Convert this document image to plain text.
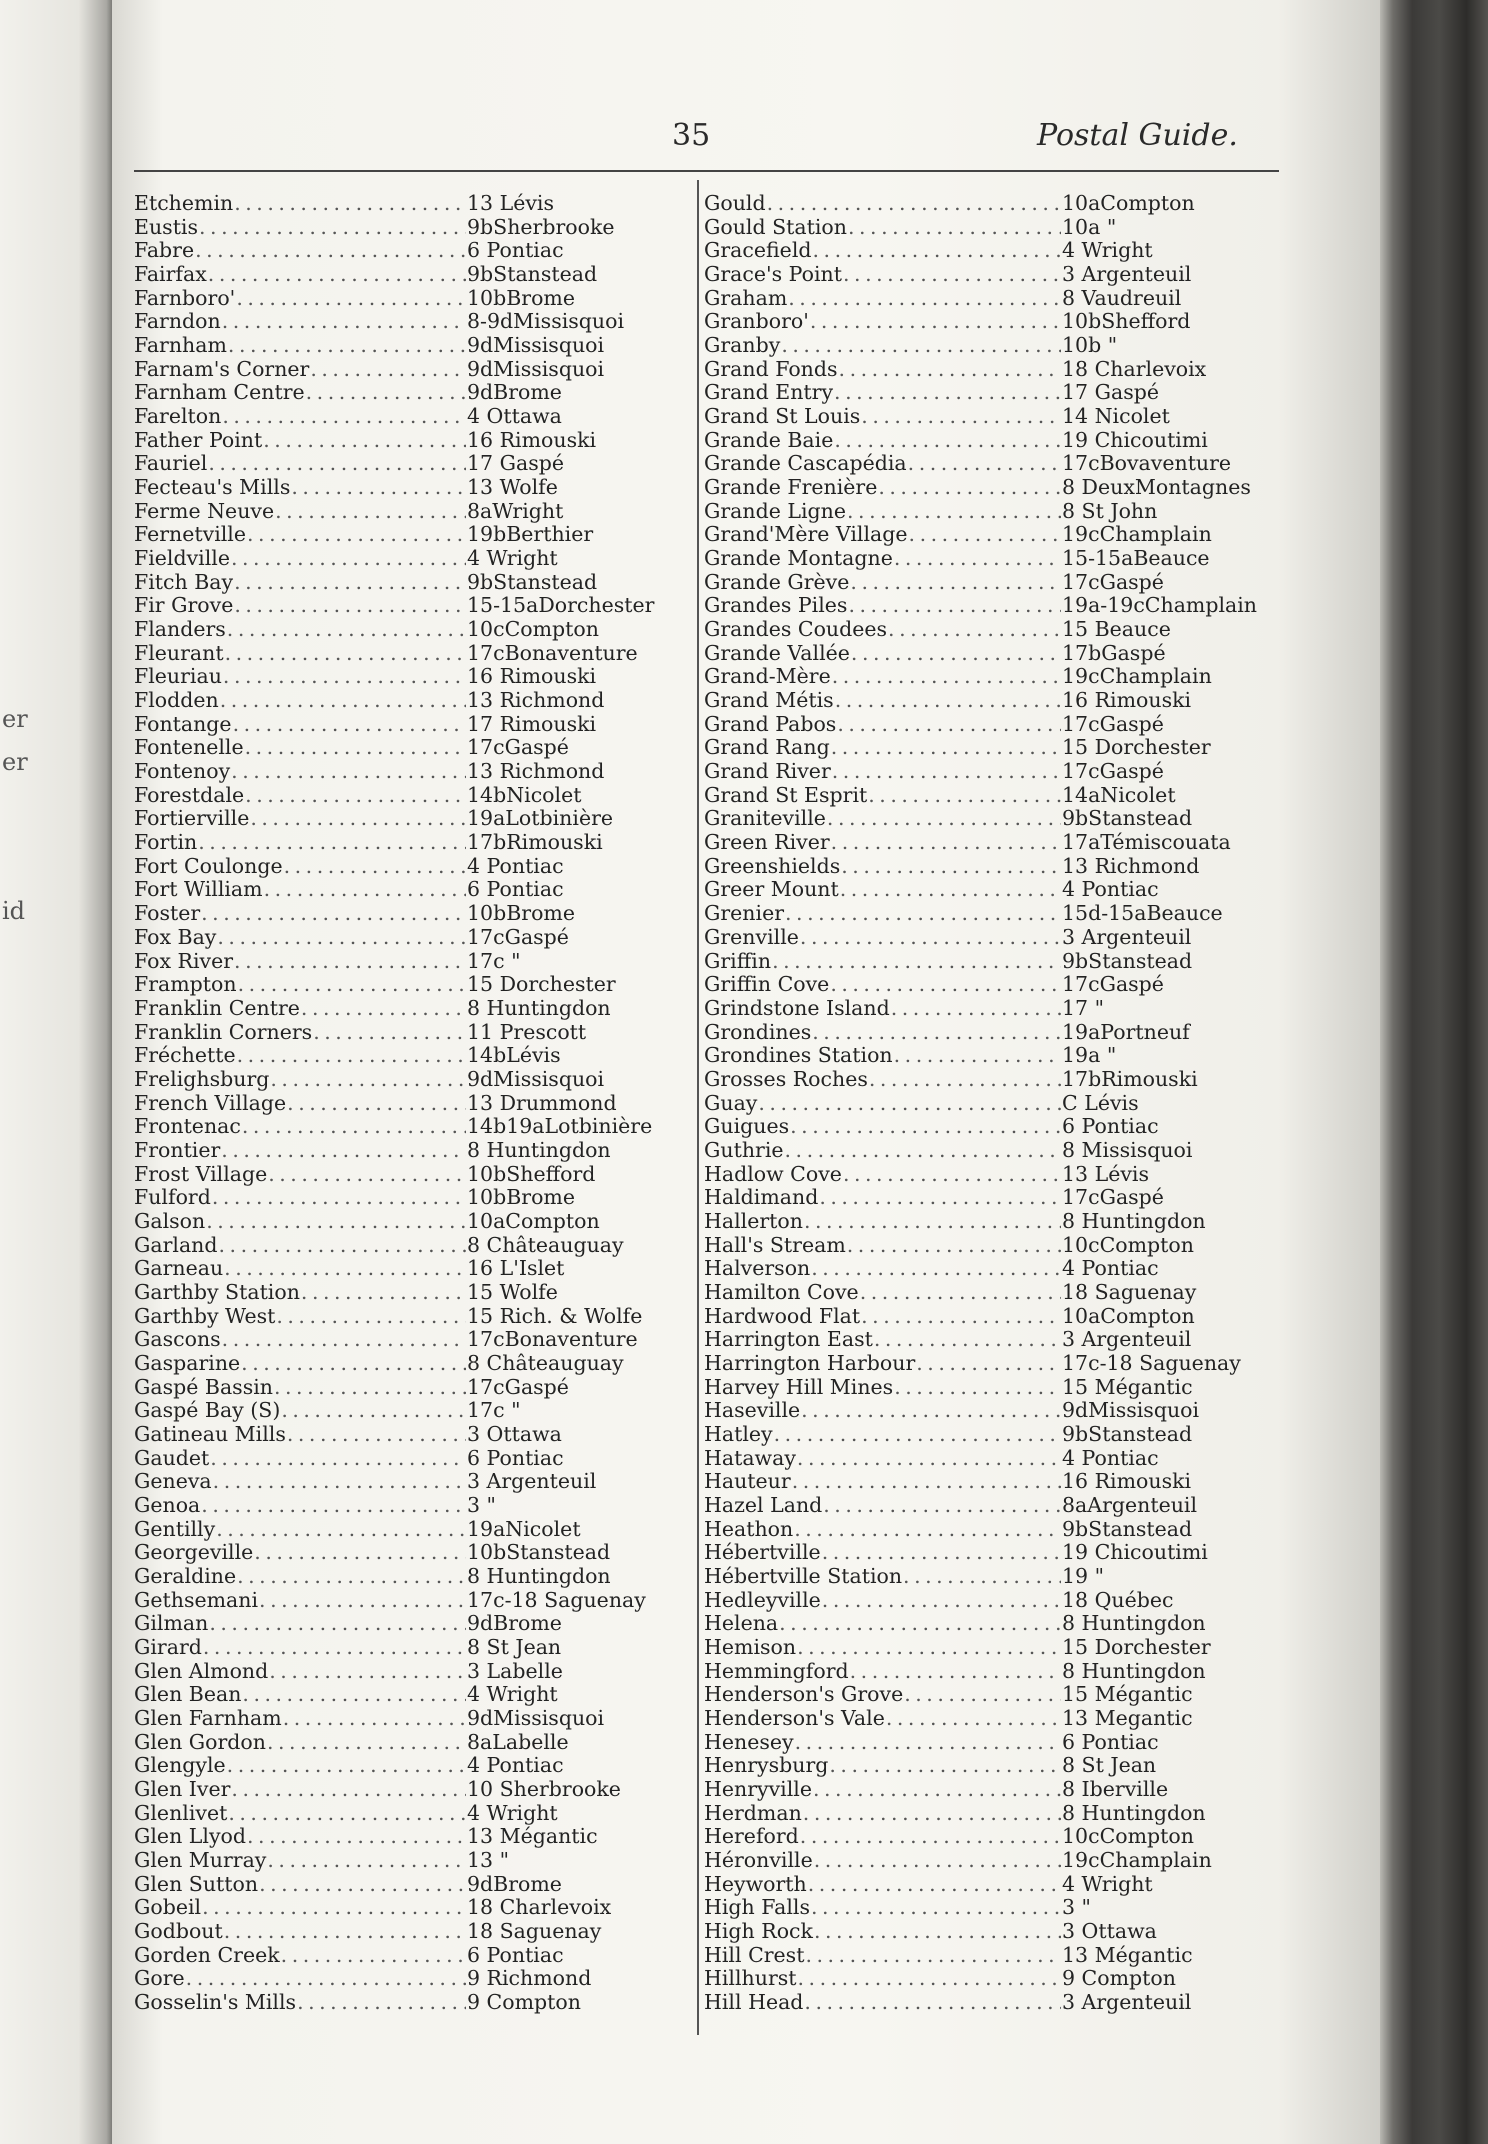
er
er
id
35	Postal Guide.
Etchemin . . .	13 Lévis
Eustis . . .	9bSherbrooke
Fabre . . .	6 Pontiac
Fairfax . . .	9bStanstead
Farnboro' . . .	10bBrome
Farndon . . .	8-9dMissisquoi
Farnham . . .	9dMissisquoi
Farnam's Corner . . .	9dMissisquoi
Farnham Centre . . .	9dBrome
Farelton . . .	4 Ottawa
Father Point . . .	16 Rimouski
Fauriel . . .	17 Gaspé
Fecteau's Mills . . .	13 Wolfe
Ferme Neuve . . .	8aWright
Fernetville . . .	19bBerthier
Fieldville . . .	4 Wright
Fitch Bay . . .	9bStanstead
Fir Grove . . .	15-15aDorchester
Flanders . . .	10cCompton
Fleurant . . .	17cBonaventure
Fleuriau . . .	16 Rimouski
Flodden . . .	13 Richmond
Fontange . . .	17 Rimouski
Fontenelle . . .	17cGaspé
Fontenoy . . .	13 Richmond
Forestdale . . .	14bNicolet
Fortierville . . .	19aLotbinière
Fortin . . .	17bRimouski
Fort Coulonge . . .	4 Pontiac
Fort William . . .	6 Pontiac
Foster . . .	10bBrome
Fox Bay . . .	17cGaspé
Fox River . . .	17c "
Frampton . . .	15 Dorchester
Franklin Centre . . .	8 Huntingdon
Franklin Corners . . .	11 Prescott
Fréchette . . .	14bLévis
Frelighsburg . . .	9dMissisquoi
French Village . . .	13 Drummond
Frontenac . . .	14b19aLotbinière
Frontier . . .	8 Huntingdon
Frost Village . . .	10bShefford
Fulford . . .	10bBrome
Galson . . .	10aCompton
Garland . . .	8 Châteauguay
Garneau . . .	16 L'Islet
Garthby Station . . .	15 Wolfe
Garthby West . . .	15 Rich. & Wolfe
Gascons . . .	17cBonaventure
Gasparine . . .	8 Châteauguay
Gaspé Bassin . . .	17cGaspé
Gaspé Bay (S) . . .	17c "
Gatineau Mills . . .	3 Ottawa
Gaudet . . .	6 Pontiac
Geneva . . .	3 Argenteuil
Genoa . . .	3 "
Gentilly . . .	19aNicolet
Georgeville . . .	10bStanstead
Geraldine . . .	8 Huntingdon
Gethsemani . . .	17c-18 Saguenay
Gilman . . .	9dBrome
Girard . . .	8 St Jean
Glen Almond . . .	3 Labelle
Glen Bean . . .	4 Wright
Glen Farnham . . .	9dMissisquoi
Glen Gordon . . .	8aLabelle
Glengyle . . .	4 Pontiac
Glen Iver . . .	10 Sherbrooke
Glenlivet . . .	4 Wright
Glen Llyod . . .	13 Mégantic
Glen Murray . . .	13 "
Glen Sutton . . .	9dBrome
Gobeil . . .	18 Charlevoix
Godbout . . .	18 Saguenay
Gorden Creek . . .	6 Pontiac
Gore . . .	9 Richmond
Gosselin's Mills . . .	9 Compton
Gould . . .	10aCompton
Gould Station . . .	10a "
Gracefield . . .	4 Wright
Grace's Point . . .	3 Argenteuil
Graham . . .	8 Vaudreuil
Granboro' . . .	10bShefford
Granby . . .	10b "
Grand Fonds . . .	18 Charlevoix
Grand Entry . . .	17 Gaspé
Grand St Louis . . .	14 Nicolet
Grande Baie . . .	19 Chicoutimi
Grande Cascapédia . . .	17cBovaventure
Grande Frenière . . .	8 DeuxMontagnes
Grande Ligne . . .	8 St John
Grand'Mère Village . . .	19cChamplain
Grande Montagne . . .	15-15aBeauce
Grande Grève . . .	17cGaspé
Grandes Piles . . .	19a-19cChamplain
Grandes Coudees . . .	15 Beauce
Grande Vallée . . .	17bGaspé
Grand-Mère . . .	19cChamplain
Grand Métis . . .	16 Rimouski
Grand Pabos . . .	17cGaspé
Grand Rang . . .	15 Dorchester
Grand River . . .	17cGaspé
Grand St Esprit . . .	14aNicolet
Graniteville . . .	9bStanstead
Green River . . .	17aTémiscouata
Greenshields . . .	13 Richmond
Greer Mount . . .	4 Pontiac
Grenier . . .	15d-15aBeauce
Grenville . . .	3 Argenteuil
Griffin . . .	9bStanstead
Griffin Cove . . .	17cGaspé
Grindstone Island . . .	17 "
Grondines . . .	19aPortneuf
Grondines Station . . .	19a "
Grosses Roches . . .	17bRimouski
Guay . . .	C Lévis
Guigues . . .	6 Pontiac
Guthrie . . .	8 Missisquoi
Hadlow Cove . . .	13 Lévis
Haldimand . . .	17cGaspé
Hallerton . . .	8 Huntingdon
Hall's Stream . . .	10cCompton
Halverson . . .	4 Pontiac
Hamilton Cove . . .	18 Saguenay
Hardwood Flat . . .	10aCompton
Harrington East . . .	3 Argenteuil
Harrington Harbour . . .	17c-18 Saguenay
Harvey Hill Mines . . .	15 Mégantic
Haseville . . .	9dMissisquoi
Hatley . . .	9bStanstead
Hataway . . .	4 Pontiac
Hauteur . . .	16 Rimouski
Hazel Land . . .	8aArgenteuil
Heathon . . .	9bStanstead
Hébertville . . .	19 Chicoutimi
Hébertville Station . . .	19 "
Hedleyville . . .	18 Québec
Helena . . .	8 Huntingdon
Hemison . . .	15 Dorchester
Hemmingford . . .	8 Huntingdon
Henderson's Grove . . .	15 Mégantic
Henderson's Vale . . .	13 Megantic
Henesey . . .	6 Pontiac
Henrysburg . . .	8 St Jean
Henryville . . .	8 Iberville
Herdman . . .	8 Huntingdon
Hereford . . .	10cCompton
Héronville . . .	19cChamplain
Heyworth . . .	4 Wright
High Falls . . .	3 "
High Rock . . .	3 Ottawa
Hill Crest . . .	13 Mégantic
Hillhurst . . .	9 Compton
Hill Head . . .	3 Argenteuil
